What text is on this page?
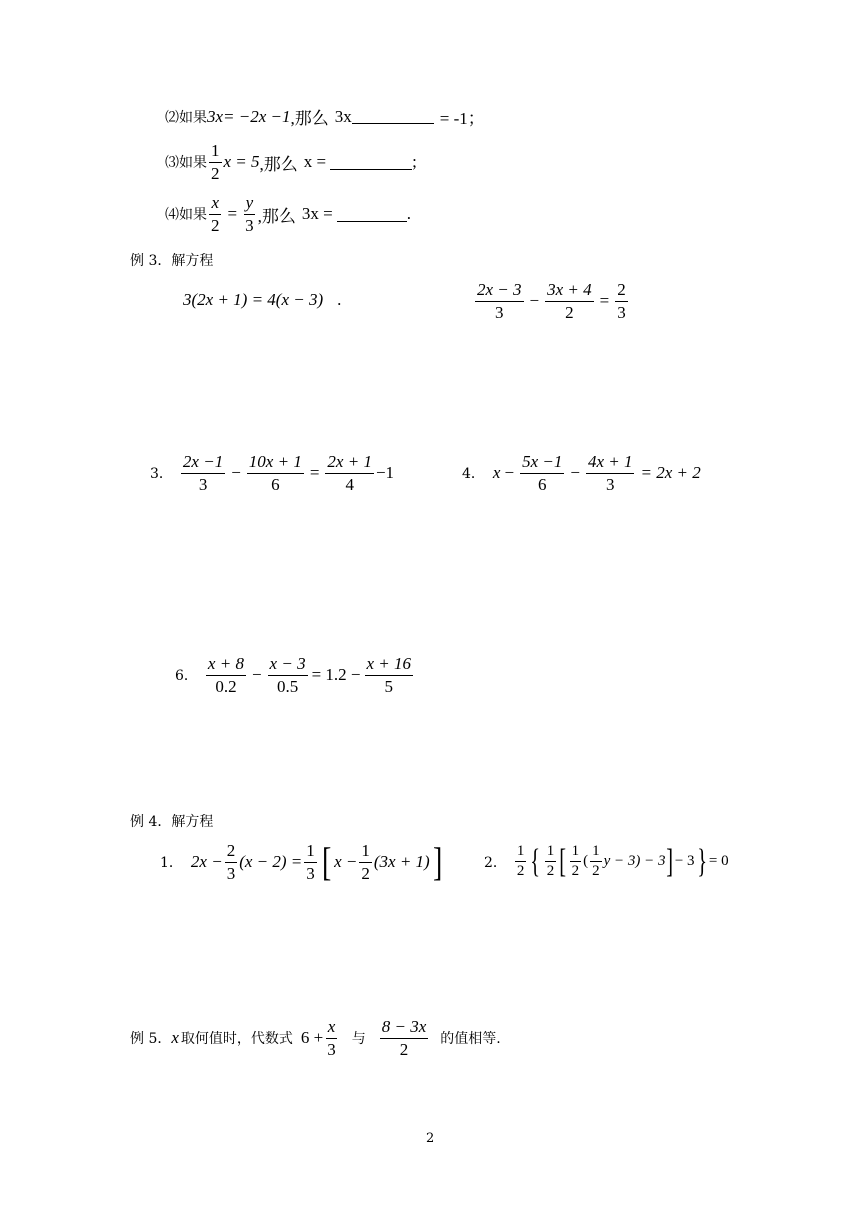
⑵如果 3x = −2x −1 ,那么 3x	= -1；
⑶如果 $\frac{1}{2}$ x = 5 ,那么 x =	;
⑷如果 $\frac{x}{2} = \frac{y}{3}$ ,那么 3x =	.
例 3．解方程
3(2x + 1) = 4(x − 3) .	$\frac{2x - 3}{3} - \frac{3x + 4}{2} = \frac{2}{3}$
3． $\frac{2x -1}{3} - \frac{10x + 1}{6} = \frac{2x + 1}{4} -1$	4． $x - \frac{5x -1}{6} - \frac{4x + 1}{3} = 2x + 2$
6． $\frac{x + 8}{0.2} - \frac{x - 3}{0.5} = 1.2 - \frac{x + 16}{5}$
例 4．解方程
1． $2x - \frac{2}{3} (x - 2) = \frac{1}{3}$ [ $x - \frac{1}{2} (3x + 1)$ ]	2． $\frac{1}{2}$ { $\frac{1}{2}$ [ $\frac{1}{2}$ ( $\frac{1}{2}$ y − 3) − 3 ] − 3 } = 0
例 5． x 取何值时，代数式 $6 + \frac{x}{3}$ 与 $\frac{8 - 3x}{2}$ 的值相等.
2
